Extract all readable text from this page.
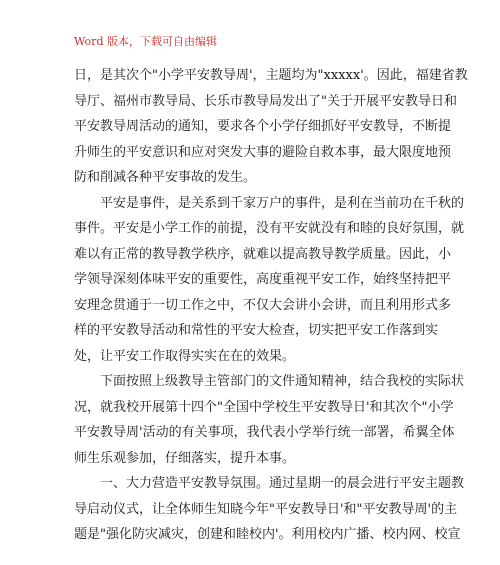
Word 版本，下载可自由编辑

日，是其次个"小学平安教导周'，主题均为"xxxxx'。因此，福建省教
导厅、福州市教导局、长乐市教导局发出了"关于开展平安教导日和
平安教导周活动的通知，要求各个小学仔细抓好平安教导，不断提
升师生的平安意识和应对突发大事的避险自救本事，最大限度地预
防和削减各种平安事故的发生。

平安是事件，是关系到千家万户的事件，是利在当前功在千秋的
事件。平安是小学工作的前提，没有平安就没有和睦的良好氛围，就
难以有正常的教导教学秩序，就难以提高教导教学质量。因此，小
学领导深刻体味平安的重要性，高度重视平安工作，始终坚持把平
安理念贯通于一切工作之中，不仅大会讲小会讲，而且利用形式多
样的平安教导活动和常性的平安大检查，切实把平安工作落到实
处，让平安工作取得实实在在的效果。

下面按照上级教导主管部门的文件通知精神，结合我校的实际状
况，就我校开展第十四个"全国中学校生平安教导日'和其次个"小学
平安教导周'活动的有关事项，我代表小学举行统一部署，希翼全体
师生乐观参加，仔细落实，提升本事。

一、大力营造平安教导氛围。通过星期一的晨会进行平安主题教
导启动仪式，让全体师生知晓今年"平安教导日'和"平安教导周'的主
题是"强化防灾减灾，创建和睦校内'。利用校内广播、校内网、校宣
